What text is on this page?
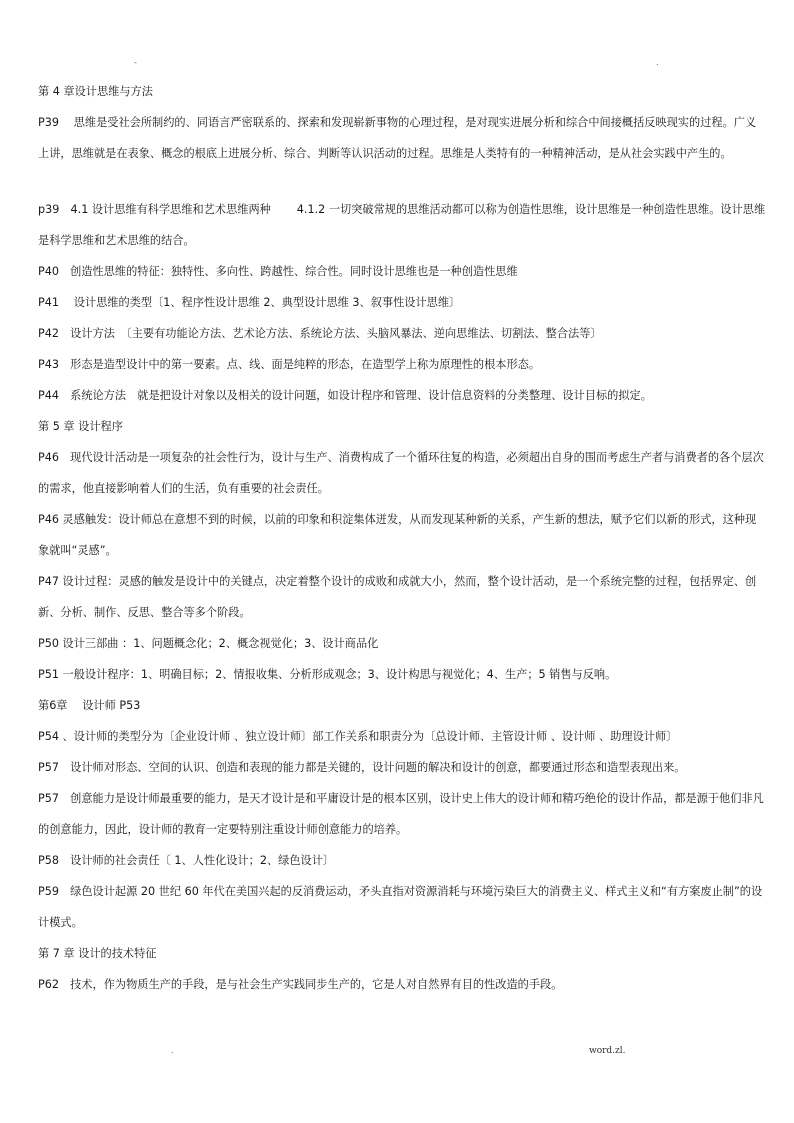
-	.

第 4 章设计思维与方法

P39　 思维是受社会所制约的、同语言严密联系的、探索和发现崭新事物的心理过程，是对现实进展分析和综合中间接概括反映现实的过程。广义上讲，思维就是在表象、概念的根底上进展分析、综合、判断等认识活动的过程。思维是人类特有的一种精神活动，是从社会实践中产生的。

p39　4.1 设计思维有科学思维和艺术思维两种　　 4.1.2 一切突破常规的思维活动都可以称为创造性思维，设计思维是一种创造性思维。设计思维是科学思维和艺术思维的结合。

P40　创造性思维的特征：独特性、多向性、跨越性、综合性。同时设计思维也是一种创造性思维

P41　 设计思维的类型〔1、程序性设计思维 2、典型设计思维 3、叙事性设计思维〕

P42　设计方法　〔主要有功能论方法、艺术论方法、系统论方法、头脑风暴法、逆向思维法、切割法、整合法等〕

P43　形态是造型设计中的第一要素。点、线、面是纯粹的形态，在造型学上称为原理性的根本形态。

P44　系统论方法　就是把设计对象以及相关的设计问题，如设计程序和管理、设计信息资料的分类整理、设计目标的拟定。

第 5 章 设计程序

P46　现代设计活动是一项复杂的社会性行为，设计与生产、消费构成了一个循环往复的构造，必须超出自身的围而考虑生产者与消费者的各个层次的需求，他直接影响着人们的生活，负有重要的社会责任。

P46 灵感触发：设计师总在意想不到的时候，以前的印象和积淀集体迸发，从而发现某种新的关系，产生新的想法，赋予它们以新的形式，这种现象就叫“灵感”。

P47 设计过程：灵感的触发是设计中的关键点，决定着整个设计的成败和成就大小，然而，整个设计活动，是一个系统完整的过程，包括界定、创新、分析、制作、反思、整合等多个阶段。

P50 设计三部曲 ：1、问题概念化；2、概念视觉化；3、设计商品化

P51 一般设计程序：1、明确目标；2、情报收集、分析形成观念；3、设计构思与视觉化；4、生产；5 销售与反响。

第6章　 设计师 P53

P54 、设计师的类型分为〔企业设计师 、独立设计师〕部工作关系和职责分为〔总设计师、主管设计师 、设计师 、助理设计师〕

P57　设计师对形态、空间的认识、创造和表现的能力都是关键的，设计问题的解决和设计的创意，都要通过形态和造型表现出来。

P57　创意能力是设计师最重要的能力，是天才设计是和平庸设计是的根本区别，设计史上伟大的设计师和精巧绝伦的设计作品，都是源于他们非凡的创意能力，因此，设计师的教育一定要特别注重设计师创意能力的培养。

P58　设计师的社会责任〔 1、人性化设计；2、绿色设计〕

P59　绿色设计起源 20 世纪 60 年代在美国兴起的反消费运动，矛头直指对资源消耗与环境污染巨大的消费主义、样式主义和“有方案废止制”的设计模式。

第 7 章 设计的技术特征

P62　技术，作为物质生产的手段，是与社会生产实践同步生产的，它是人对自然界有目的性改造的手段。

.	word.zl.
